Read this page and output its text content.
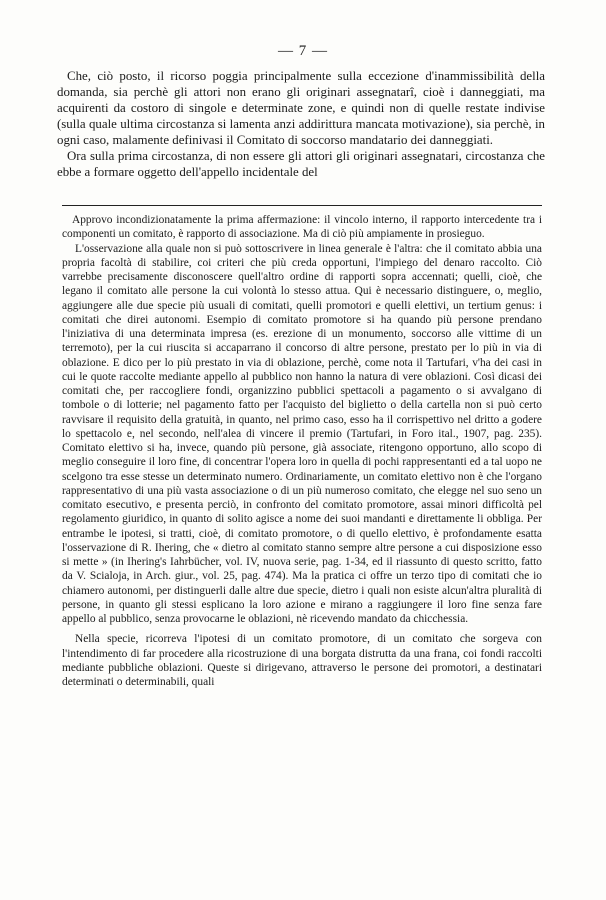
— 7 —

Che, ciò posto, il ricorso poggia principalmente sulla eccezione d'inammissibilità della domanda, sia perchè gli attori non erano gli originari assegnatarî, cioè i danneggiati, ma acquirenti da costoro di singole e determinate zone, e quindi non di quelle restate indivise (sulla quale ultima circostanza si lamenta anzi addirittura mancata motivazione), sia perchè, in ogni caso, malamente definivasi il Comitato di soccorso mandatario dei danneggiati.

Ora sulla prima circostanza, di non essere gli attori gli originari assegnatari, circostanza che ebbe a formare oggetto dell'appello incidentale del

Approvo incondizionatamente la prima affermazione: il vincolo interno, il rapporto intercedente tra i componenti un comitato, è rapporto di associazione. Ma di ciò più ampiamente in prosieguo.

L'osservazione alla quale non si può sottoscrivere in linea generale è l'altra: che il comitato abbia una propria facoltà di stabilire, coi criteri che più creda opportuni, l'impiego del denaro raccolto. Ciò varrebbe precisamente disconoscere quell'altro ordine di rapporti sopra accennati; quelli, cioè, che legano il comitato alle persone la cui volontà lo stesso attua. Qui è necessario distinguere, o, meglio, aggiungere alle due specie più usuali di comitati, quelli promotori e quelli elettivi, un tertium genus: i comitati che direi autonomi. Esempio di comitato promotore si ha quando più persone prendano l'iniziativa di una determinata impresa (es. erezione di un monumento, soccorso alle vittime di un terremoto), per la cui riuscita si accaparrano il concorso di altre persone, prestato per lo più in via di oblazione. E dico per lo più prestato in via di oblazione, perchè, come nota il Tartufari, v'ha dei casi in cui le quote raccolte mediante appello al pubblico non hanno la natura di vere oblazioni. Così dicasi dei comitati che, per raccogliere fondi, organizzino pubblici spettacoli a pagamento o si avvalgano di tombole o di lotterie; nel pagamento fatto per l'acquisto del biglietto o della cartella non si può certo ravvisare il requisito della gratuità, in quanto, nel primo caso, esso ha il corrispettivo nel dritto a godere lo spettacolo e, nel secondo, nell'alea di vincere il premio (Tartufari, in Foro ital., 1907, pag. 235). Comitato elettivo si ha, invece, quando più persone, già associate, ritengono opportuno, allo scopo di meglio conseguire il loro fine, di concentrar l'opera loro in quella di pochi rappresentanti ed a tal uopo ne scelgono tra esse stesse un determinato numero. Ordinariamente, un comitato elettivo non è che l'organo rappresentativo di una più vasta associazione o di un più numeroso comitato, che elegge nel suo seno un comitato esecutivo, e presenta perciò, in confronto del comitato promotore, assai minori difficoltà pel regolamento giuridico, in quanto di solito agisce a nome dei suoi mandanti e direttamente li obbliga. Per entrambe le ipotesi, si tratti, cioè, di comitato promotore, o di quello elettivo, è profondamente esatta l'osservazione di R. Ihering, che « dietro al comitato stanno sempre altre persone a cui disposizione esso si mette » (in Ihering's Iahrbücher, vol. IV, nuova serie, pag. 1-34, ed il riassunto di questo scritto, fatto da V. Scialoja, in Arch. giur., vol. 25, pag. 474). Ma la pratica ci offre un terzo tipo di comitati che io chiamero autonomi, per distinguerli dalle altre due specie, dietro i quali non esiste alcun'altra pluralità di persone, in quanto gli stessi esplicano la loro azione e mirano a raggiungere il loro fine senza fare appello al pubblico, senza provocarne le oblazioni, nè ricevendo mandato da chicchessia.

Nella specie, ricorreva l'ipotesi di un comitato promotore, di un comitato che sorgeva con l'intendimento di far procedere alla ricostruzione di una borgata distrutta da una frana, coi fondi raccolti mediante pubbliche oblazioni. Queste si dirigevano, attraverso le persone dei promotori, a destinatari determinati o determinabili, quali
